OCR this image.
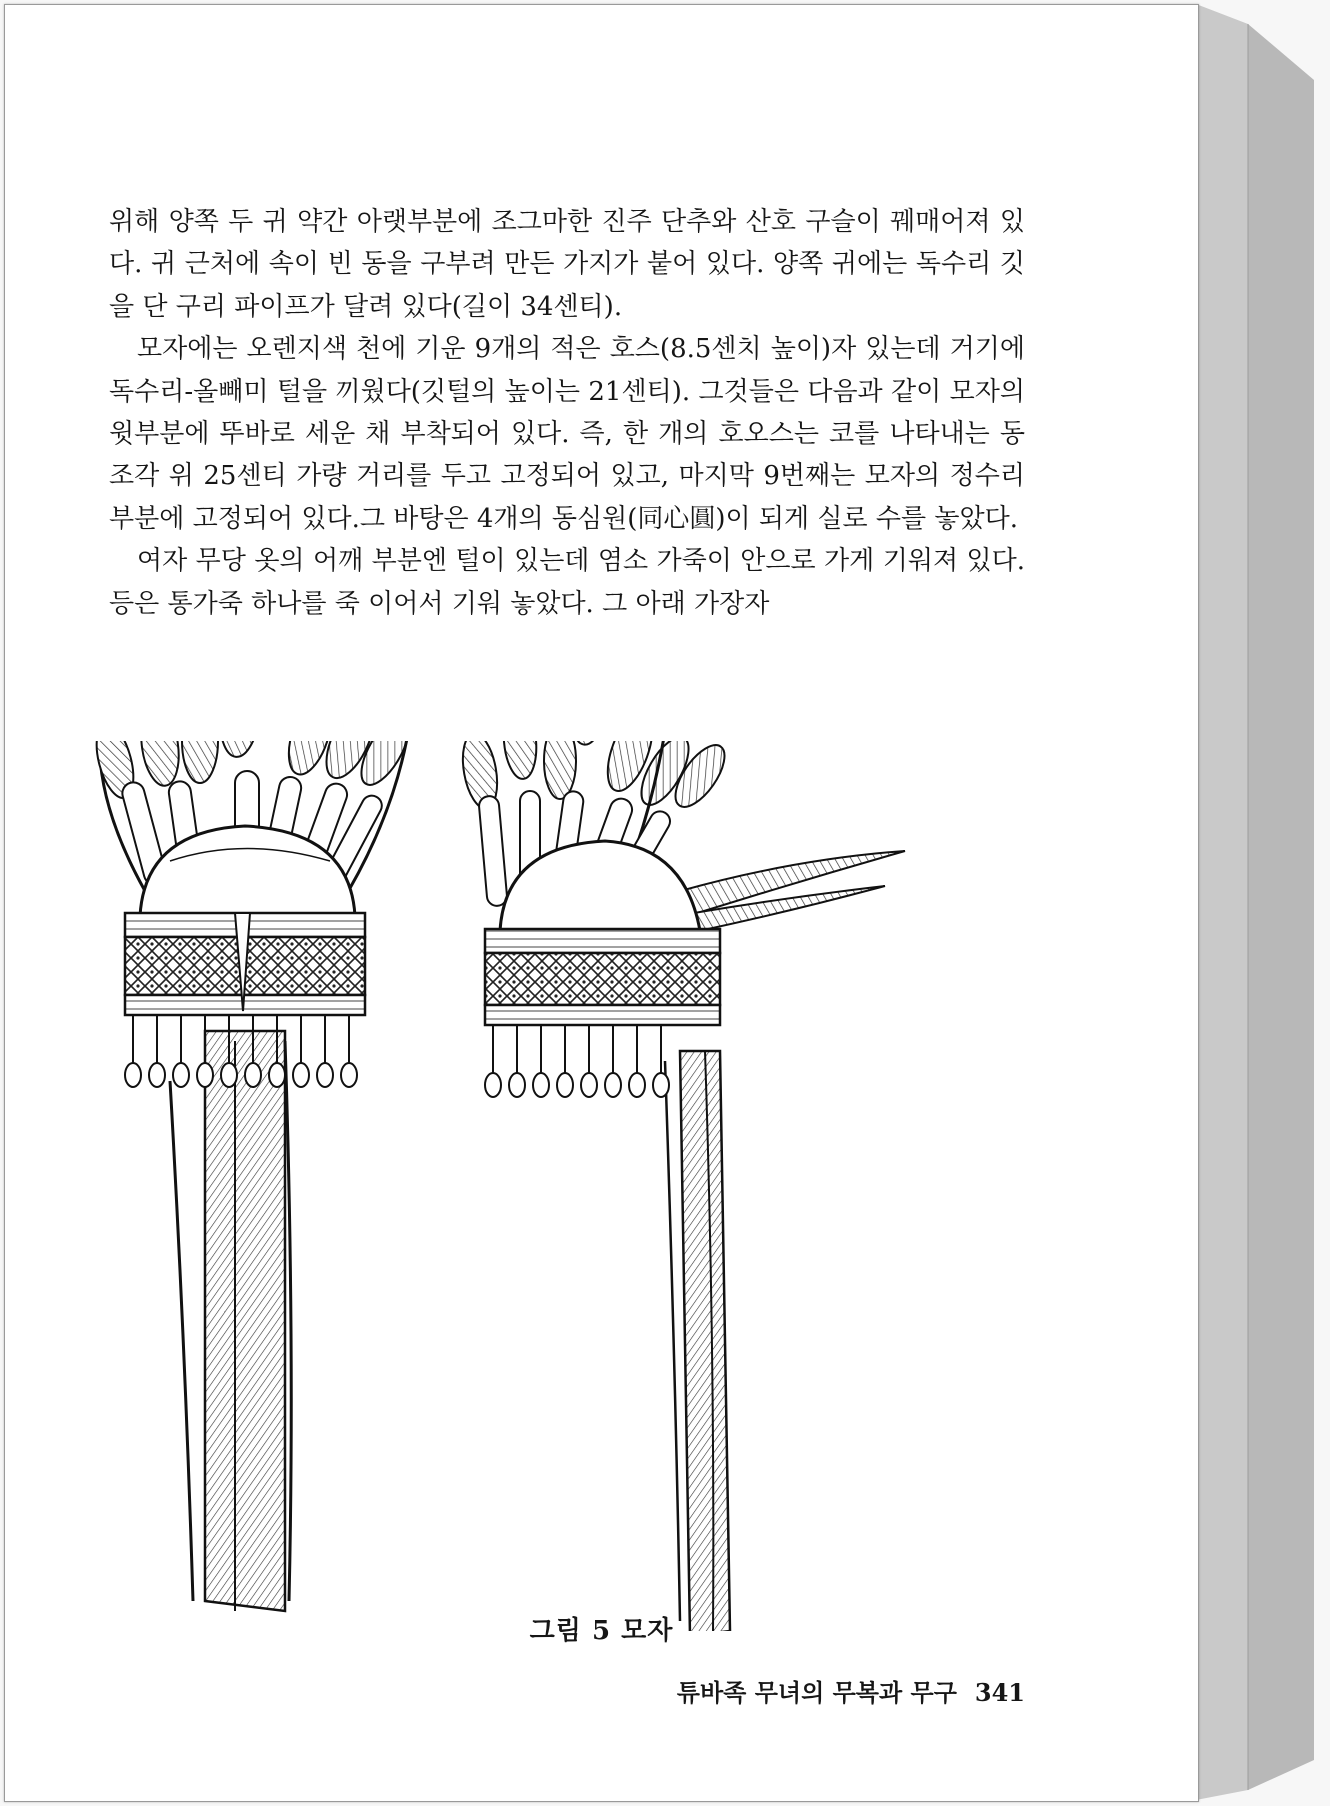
위해 양쪽 두 귀 약간 아랫부분에 조그마한 진주 단추와 산호 구슬이 꿰매어져 있다. 귀 근처에 속이 빈 동을 구부려 만든 가지가 붙어 있다. 양쪽 귀에는 독수리 깃을 단 구리 파이프가 달려 있다(길이 34센티).

모자에는 오렌지색 천에 기운 9개의 적은 호스(8.5센치 높이)자 있는데 거기에 독수리-올빼미 털을 끼웠다(깃털의 높이는 21센티). 그것들은 다음과 같이 모자의 윗부분에 뚜바로 세운 채 부착되어 있다. 즉, 한 개의 호오스는 코를 나타내는 동조각 위 25센티 가량 거리를 두고 고정되어 있고, 마지막 9번째는 모자의 정수리 부분에 고정되어 있다.그 바탕은 4개의 동심원(同心圓)이 되게 실로 수를 놓았다.

여자 무당 옷의 어깨 부분엔 털이 있는데 염소 가죽이 안으로 가게 기워져 있다. 등은 통가죽 하나를 죽 이어서 기워 놓았다. 그 아래 가장자

그림 5 모자
튜바족 무녀의 무복과 무구 341
